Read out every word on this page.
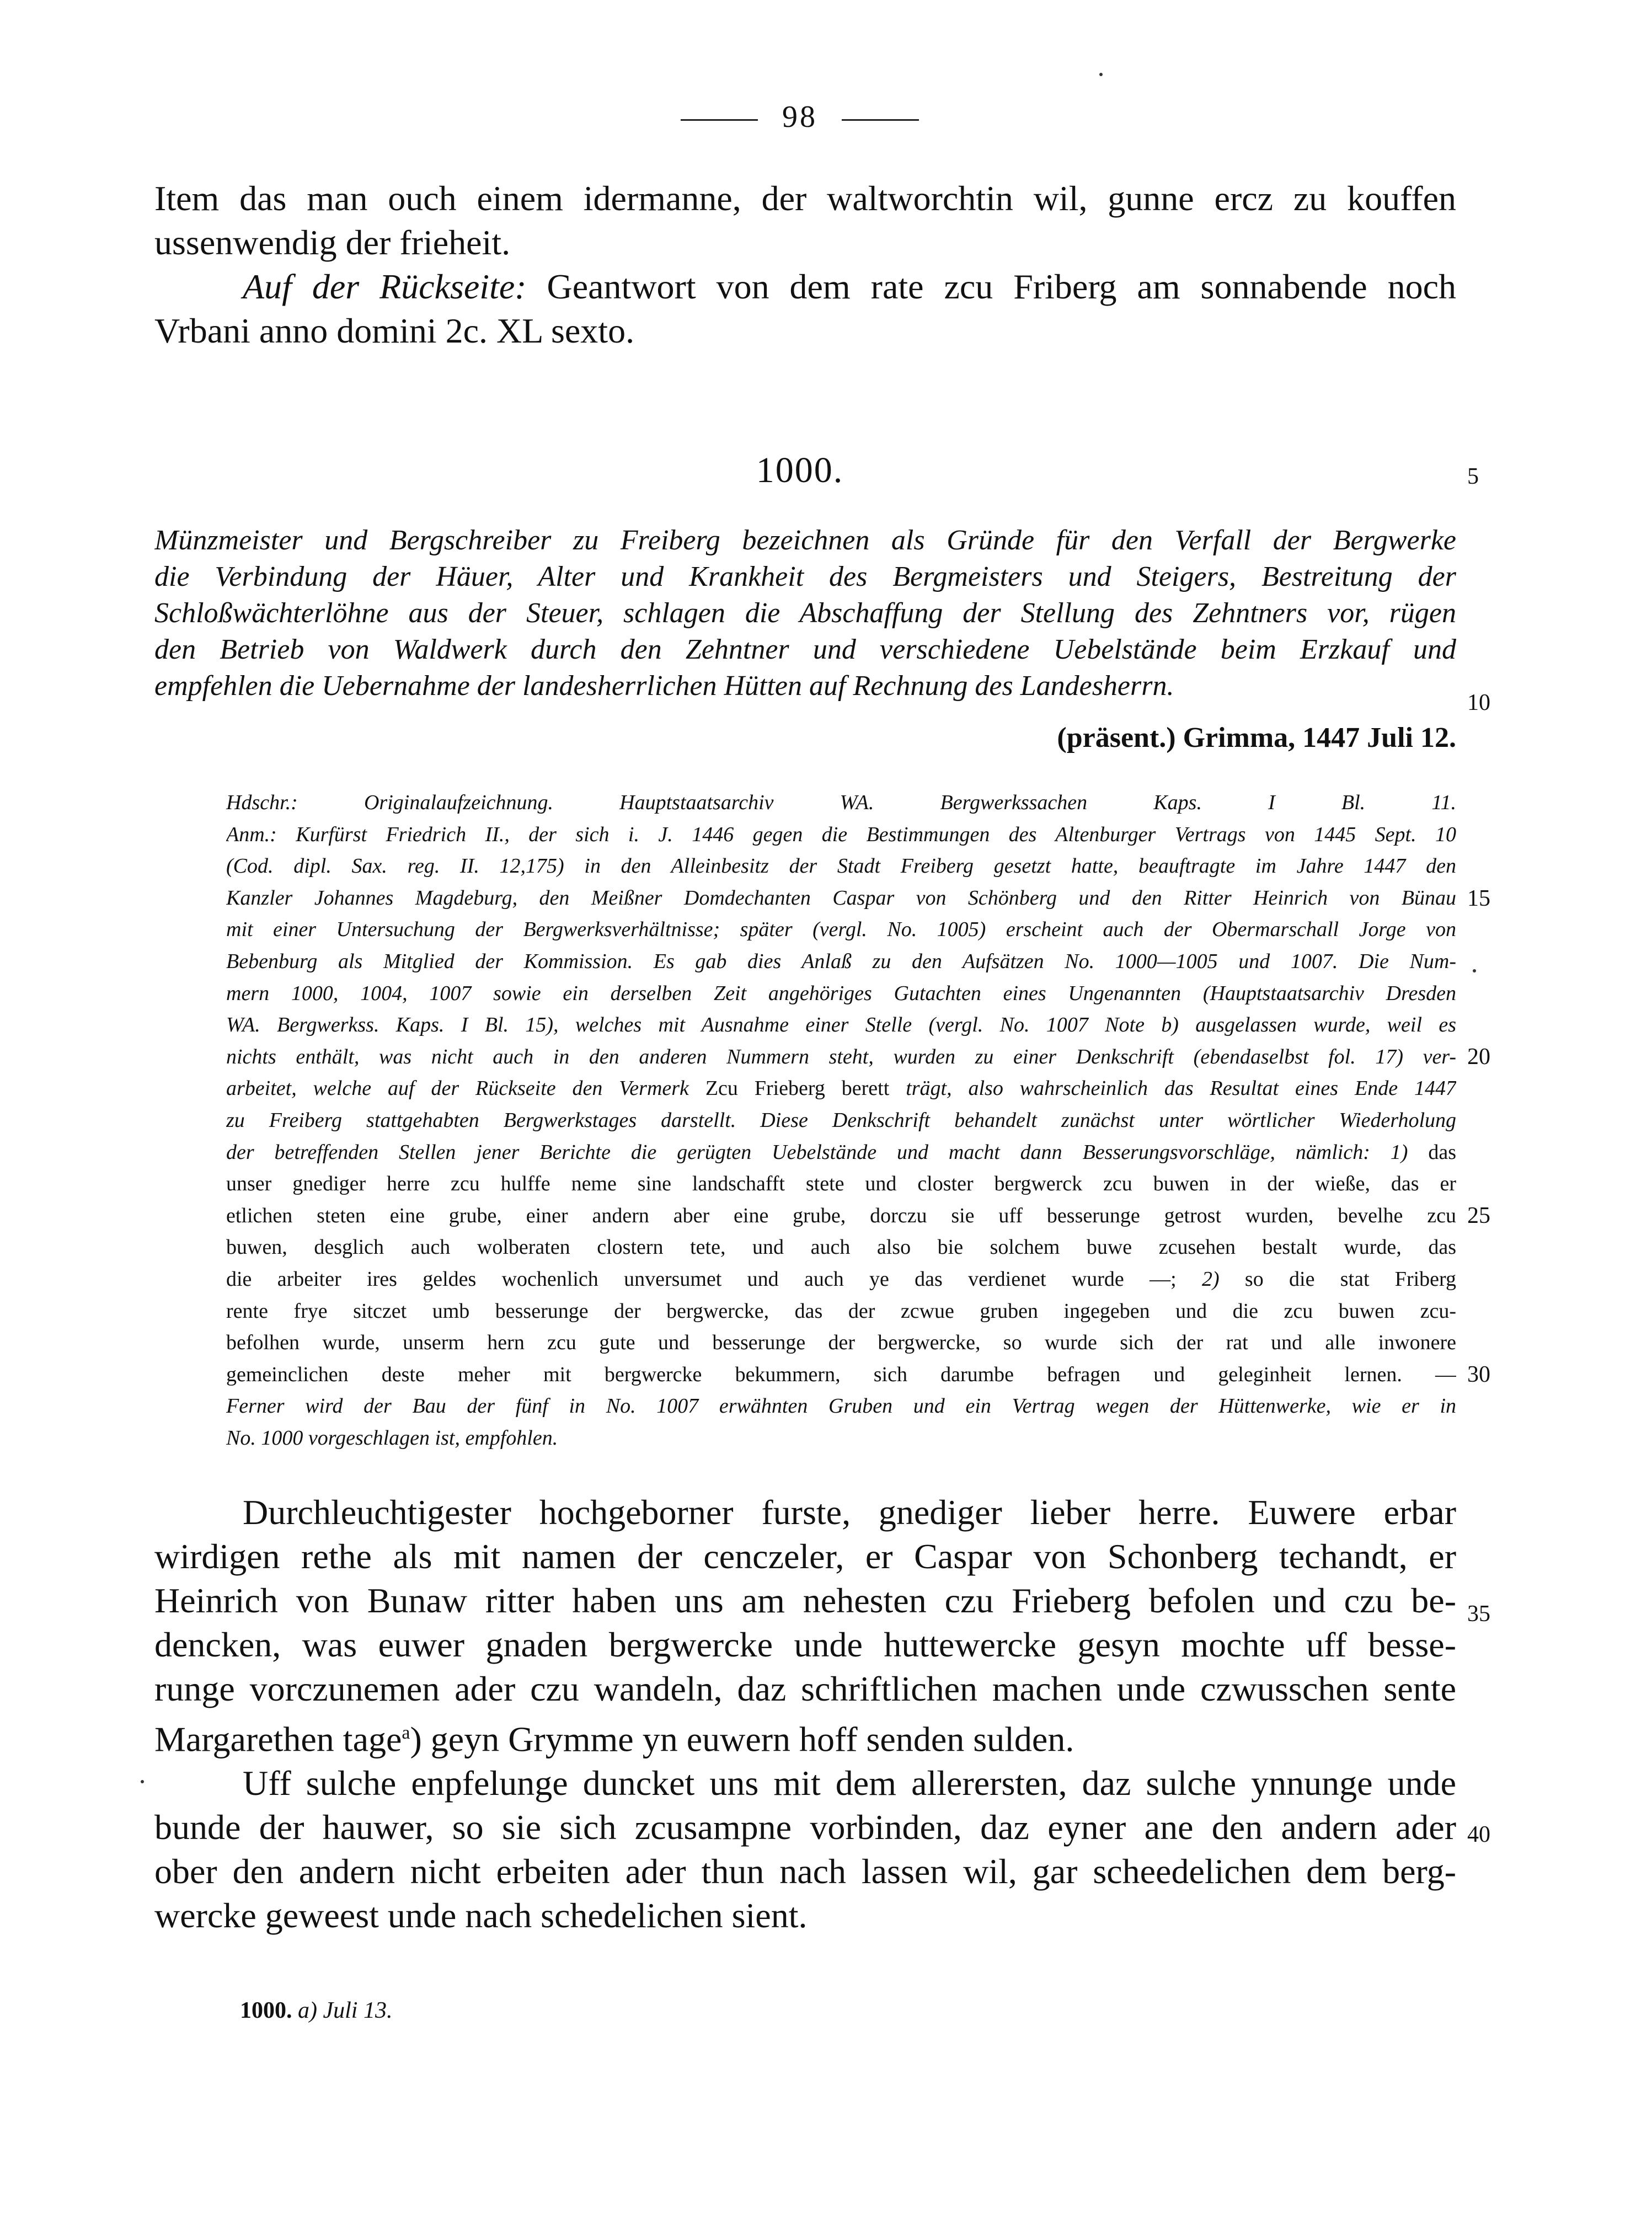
98
Item das man ouch einem idermanne, der waltworchtin wil, gunne ercz zu kouffen
ussenwendig der frieheit.
Auf der Rückseite: Geantwort von dem rate zcu Friberg am sonnabende noch
Vrbani anno domini 2c. XL sexto.
1000.
Münzmeister und Bergschreiber zu Freiberg bezeichnen als Gründe für den Verfall der Bergwerke
die Verbindung der Häuer, Alter und Krankheit des Bergmeisters und Steigers, Bestreitung der
Schloßwächterlöhne aus der Steuer, schlagen die Abschaffung der Stellung des Zehntners vor, rügen
den Betrieb von Waldwerk durch den Zehntner und verschiedene Uebelstände beim Erzkauf und
empfehlen die Uebernahme der landesherrlichen Hütten auf Rechnung des Landesherrn.
(präsent.) Grimma, 1447 Juli 12.
Hdschr.: Originalaufzeichnung. Hauptstaatsarchiv WA. Bergwerkssachen Kaps. I Bl. 11.
Anm.: Kurfürst Friedrich II., der sich i. J. 1446 gegen die Bestimmungen des Altenburger Vertrags von 1445 Sept. 10
(Cod. dipl. Sax. reg. II. 12,175) in den Alleinbesitz der Stadt Freiberg gesetzt hatte, beauftragte im Jahre 1447 den
Kanzler Johannes Magdeburg, den Meißner Domdechanten Caspar von Schönberg und den Ritter Heinrich von Bünau
mit einer Untersuchung der Bergwerksverhältnisse; später (vergl. No. 1005) erscheint auch der Obermarschall Jorge von
Bebenburg als Mitglied der Kommission. Es gab dies Anlaß zu den Aufsätzen No. 1000—1005 und 1007. Die Num-
mern 1000, 1004, 1007 sowie ein derselben Zeit angehöriges Gutachten eines Ungenannten (Hauptstaatsarchiv Dresden
WA. Bergwerkss. Kaps. I Bl. 15), welches mit Ausnahme einer Stelle (vergl. No. 1007 Note b) ausgelassen wurde, weil es
nichts enthält, was nicht auch in den anderen Nummern steht, wurden zu einer Denkschrift (ebendaselbst fol. 17) ver-
arbeitet, welche auf der Rückseite den Vermerk Zcu Frieberg berett trägt, also wahrscheinlich das Resultat eines Ende 1447
zu Freiberg stattgehabten Bergwerkstages darstellt. Diese Denkschrift behandelt zunächst unter wörtlicher Wiederholung
der betreffenden Stellen jener Berichte die gerügten Uebelstände und macht dann Besserungsvorschläge, nämlich: 1) das
unser gnediger herre zcu hulffe neme sine landschafft stete und closter bergwerck zcu buwen in der wieße, das er
etlichen steten eine grube, einer andern aber eine grube, dorczu sie uff besserunge getrost wurden, bevelhe zcu
buwen, desglich auch wolberaten clostern tete, und auch also bie solchem buwe zcusehen bestalt wurde, das
die arbeiter ires geldes wochenlich unversumet und auch ye das verdienet wurde —; 2) so die stat Friberg
rente frye sitczet umb besserunge der bergwercke, das der zcwue gruben ingegeben und die zcu buwen zcu-
befolhen wurde, unserm hern zcu gute und besserunge der bergwercke, so wurde sich der rat und alle inwonere
gemeinclichen deste meher mit bergwercke bekummern, sich darumbe befragen und geleginheit lernen. —
Ferner wird der Bau der fünf in No. 1007 erwähnten Gruben und ein Vertrag wegen der Hüttenwerke, wie er in
No. 1000 vorgeschlagen ist, empfohlen.
Durchleuchtigester hochgeborner furste, gnediger lieber herre. Euwere erbar
wirdigen rethe als mit namen der cenczeler, er Caspar von Schonberg techandt, er
Heinrich von Bunaw ritter haben uns am nehesten czu Frieberg befolen und czu be-
dencken, was euwer gnaden bergwercke unde huttewercke gesyn mochte uff besse-
runge vorczunemen ader czu wandeln, daz schriftlichen machen unde czwusschen sente
Margarethen tage$^a$) geyn Grymme yn euwern hoff senden sulden.
Uff sulche enpfelunge duncket uns mit dem allerersten, daz sulche ynnunge unde
bunde der hauwer, so sie sich zcusampne vorbinden, daz eyner ane den andern ader
ober den andern nicht erbeiten ader thun nach lassen wil, gar scheedelichen dem berg-
wercke geweest unde nach schedelichen sient.
5
10
15
20
25
30
35
40
1000. a) Juli 13.
